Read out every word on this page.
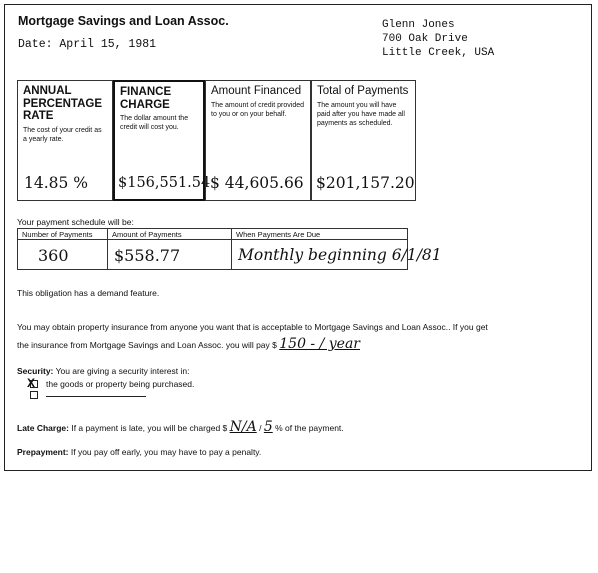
Mortgage Savings and Loan Assoc.
Date: April 15, 1981
Glenn Jones
700 Oak Drive
Little Creek, USA
ANNUAL PERCENTAGE RATE
The cost of your credit as a yearly rate.
14.85 %
FINANCE CHARGE
The dollar amount the credit will cost you.
$156,551.54
Amount Financed
The amount of credit provided to you or on your behalf.
$ 44,605.66
Total of Payments
The amount you will have paid after you have made all payments as scheduled.
$201,157.20
Your payment schedule will be:
Number of Payments
360
Amount of Payments
$558.77
When Payments Are Due
Monthly beginning 6/1/81
This obligation has a demand feature.
You may obtain property insurance from anyone you want that is acceptable to Mortgage Savings and Loan Assoc.. If you get
the insurance from Mortgage Savings and Loan Assoc. you will pay $ 150 - / year
Security: You are giving a security interest in:
X the goods or property being purchased.
Late Charge: If a payment is late, you will be charged $ N/A / 5 % of the payment.
Prepayment: If you pay off early, you may have to pay a penalty.
